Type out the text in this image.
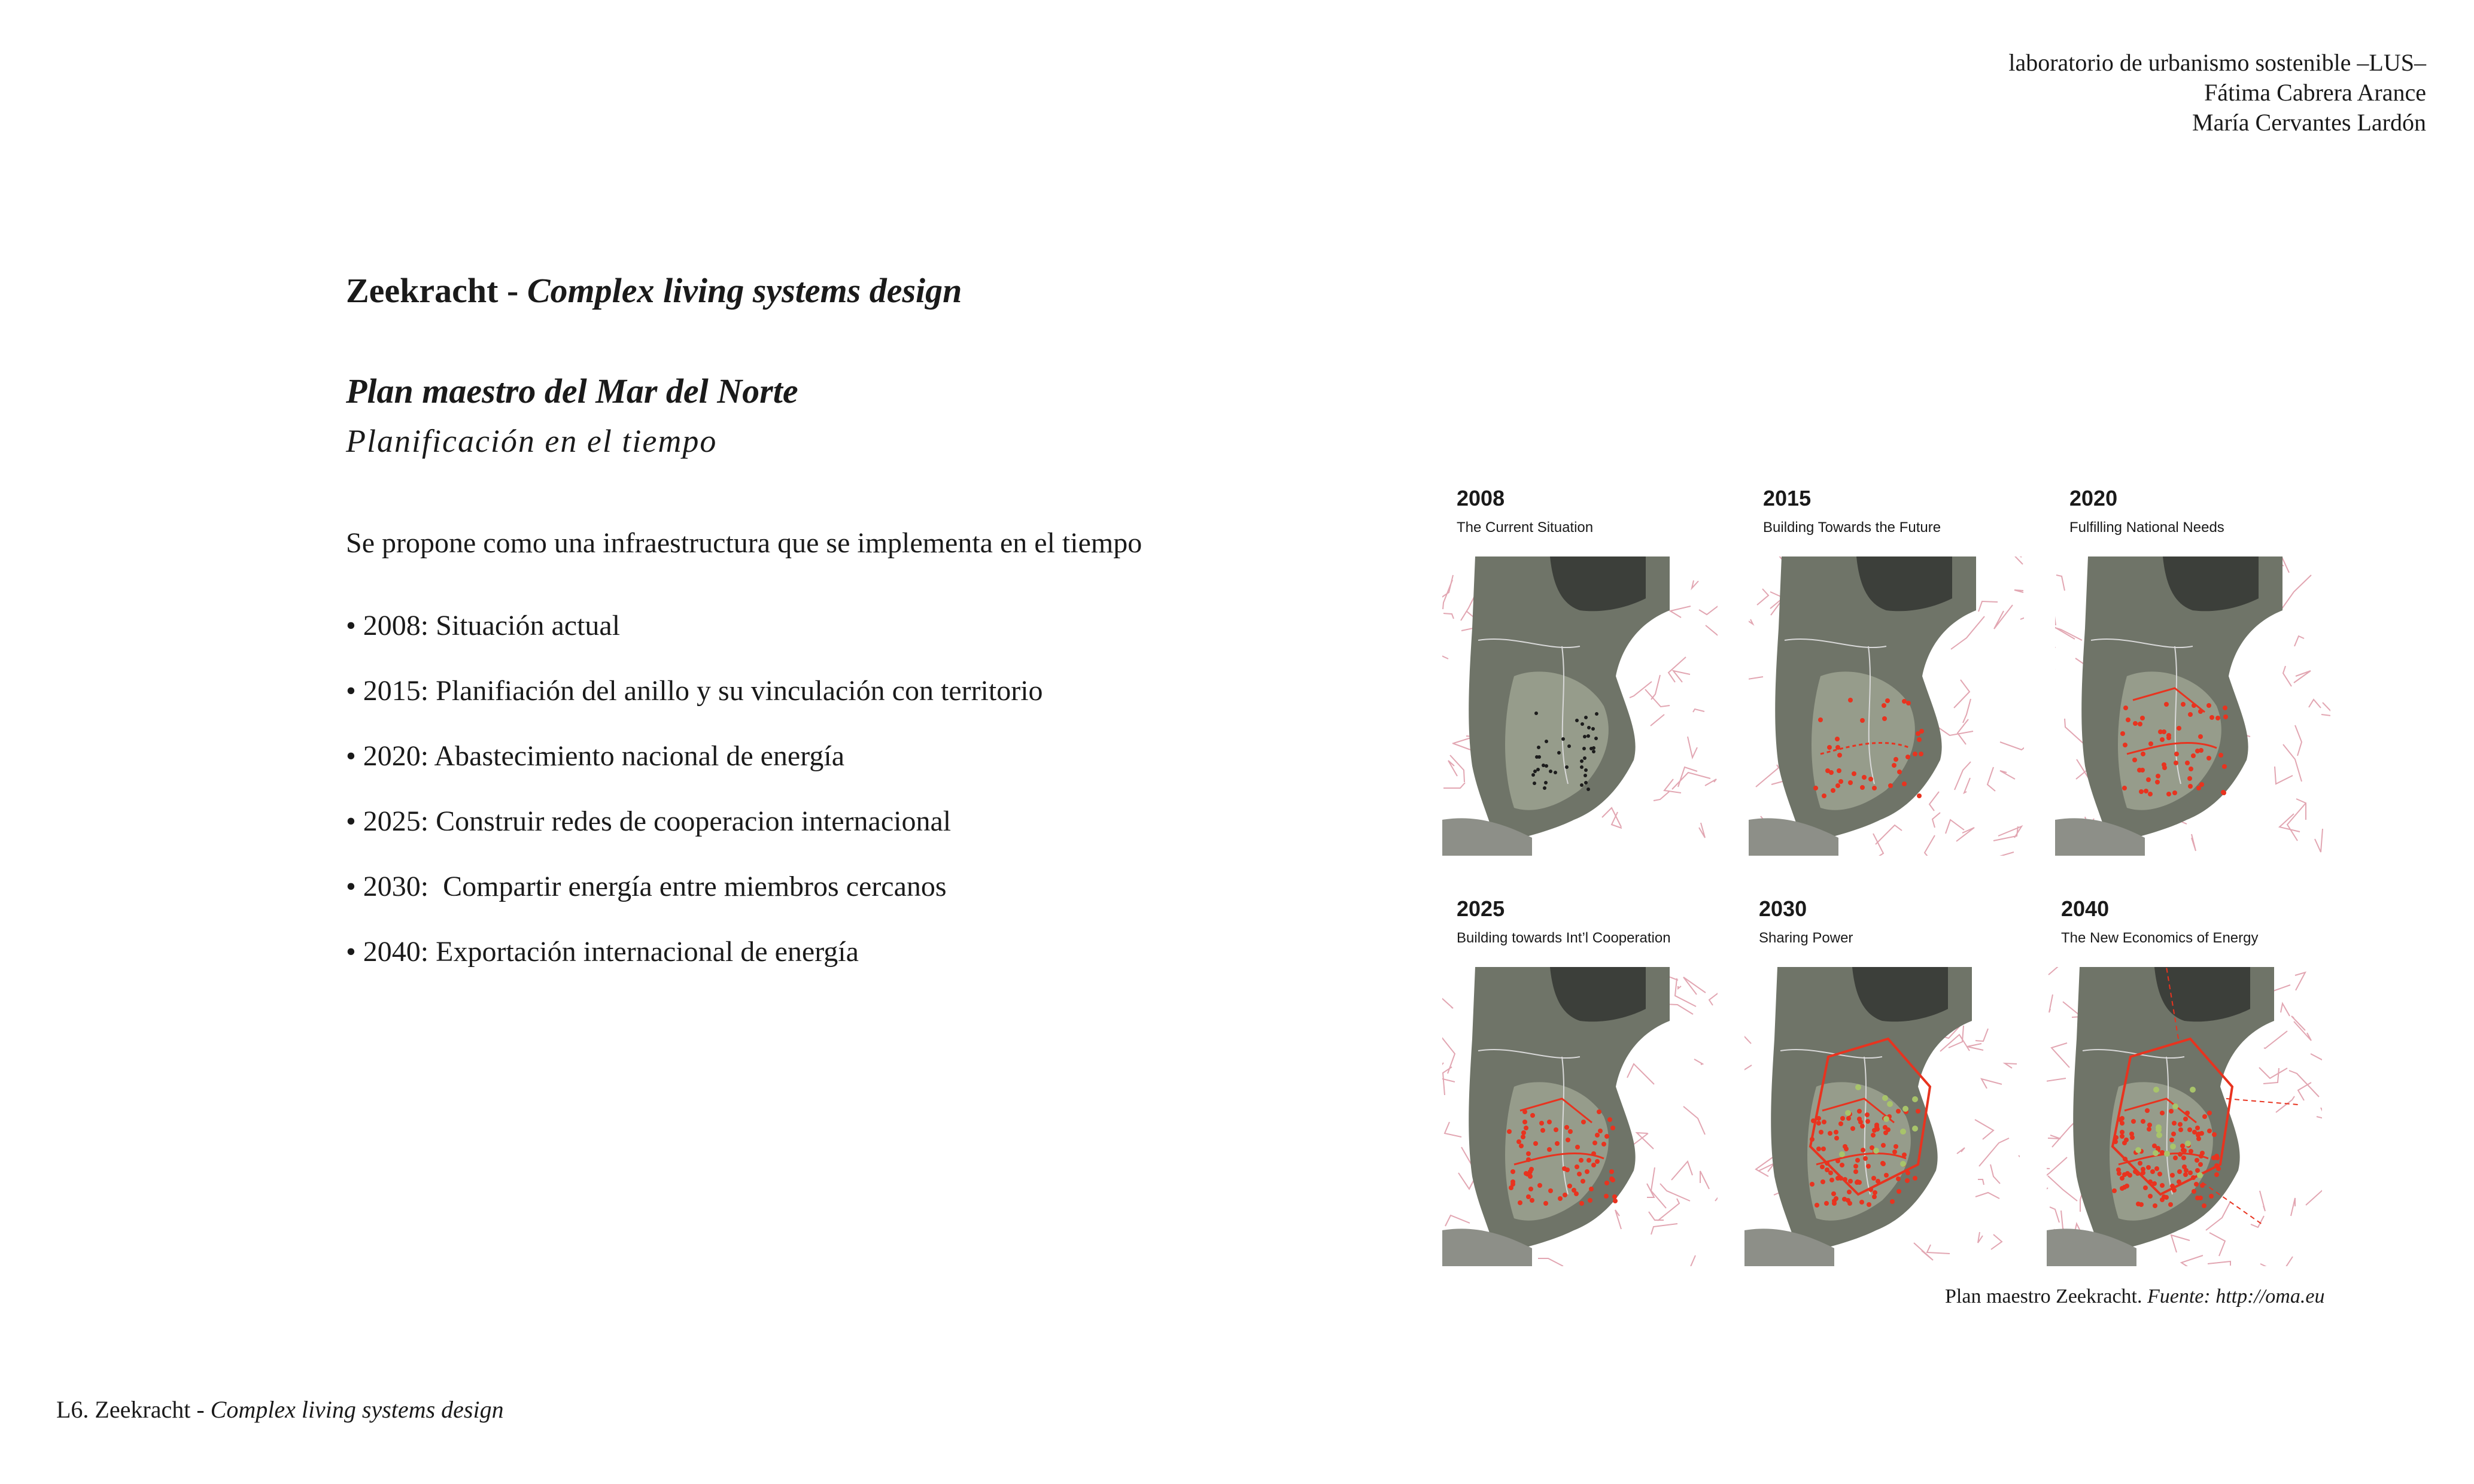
laboratorio de urbanismo sostenible –LUS–
Fátima Cabrera Arance
María Cervantes Lardón
Zeekracht - Complex living systems design
Plan maestro del Mar del Norte
Planificación en el tiempo
Se propone como una infraestructura que se implementa en el tiempo
• 2008: Situación actual
• 2015: Planifiación del anillo y su vinculación con territorio
• 2020: Abastecimiento nacional de energía
• 2025: Construir redes de cooperacion internacional
• 2030:  Compartir energía entre miembros cercanos
• 2040: Exportación internacional de energía
2008
The Current Situation
2015
Building Towards the Future
2020
Fulfilling National Needs
2025
Building towards Int’l Cooperation
2030
Sharing Power
2040
The New Economics of Energy
Plan maestro Zeekracht. Fuente: http://oma.eu
L6. Zeekracht - Complex living systems design
